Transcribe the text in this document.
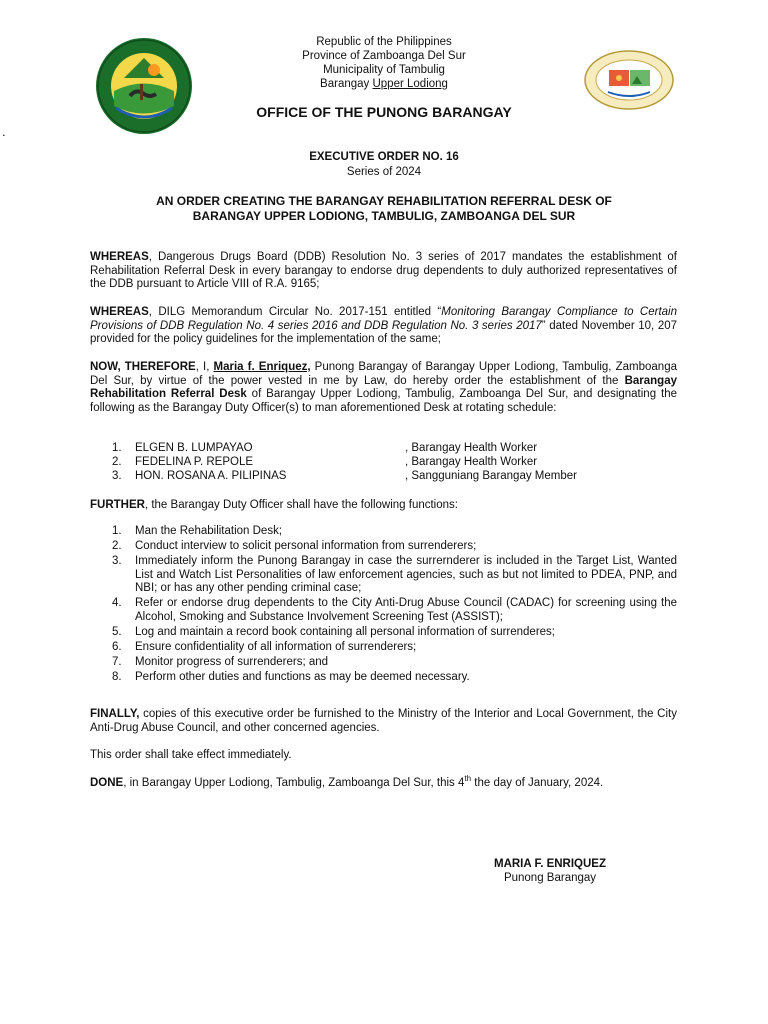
.
Republic of the Philippines
Province of Zamboanga Del Sur
Municipality of Tambulig
Barangay Upper Lodiong
OFFICE OF THE PUNONG BARANGAY
EXECUTIVE ORDER NO. 16
Series of 2024
AN ORDER CREATING THE BARANGAY REHABILITATION REFERRAL DESK OF
BARANGAY UPPER LODIONG, TAMBULIG, ZAMBOANGA DEL SUR

WHEREAS, Dangerous Drugs Board (DDB) Resolution No. 3 series of 2017 mandates the establishment of Rehabilitation Referral Desk in every barangay to endorse drug dependents to duly authorized representatives of the DDB pursuant to Article VIII of R.A. 9165;

WHEREAS, DILG Memorandum Circular No. 2017-151 entitled “Monitoring Barangay Compliance to Certain Provisions of DDB Regulation No. 4 series 2016 and DDB Regulation No. 3 series 2017” dated November 10, 207 provided for the policy guidelines for the implementation of the same;

NOW, THEREFORE, I, Maria f. Enriquez, Punong Barangay of Barangay Upper Lodiong, Tambulig, Zamboanga Del Sur, by virtue of the power vested in me by Law, do hereby order the establishment of the Barangay Rehabilitation Referral Desk of Barangay Upper Lodiong, Tambulig, Zamboanga Del Sur, and designating the following as the Barangay Duty Officer(s) to man aforementioned Desk at rotating schedule:

1. ELGEN B. LUMPAYAO	, Barangay Health Worker
2. FEDELINA P. REPOLE	, Barangay Health Worker
3. HON. ROSANA A. PILIPINAS	, Sangguniang Barangay Member

FURTHER, the Barangay Duty Officer shall have the following functions:

1. Man the Rehabilitation Desk;
2. Conduct interview to solicit personal information from surrenderers;
3. Immediately inform the Punong Barangay in case the surrernderer is included in the Target List, Wanted List and Watch List Personalities of law enforcement agencies, such as but not limited to PDEA, PNP, and NBI; or has any other pending criminal case;
4. Refer or endorse drug dependents to the City Anti-Drug Abuse Council (CADAC) for screening using the Alcohol, Smoking and Substance Involvement Screening Test (ASSIST);
5. Log and maintain a record book containing all personal information of surrenderes;
6. Ensure confidentiality of all information of surrenderers;
7. Monitor progress of surrenderers; and
8. Perform other duties and functions as may be deemed necessary.

FINALLY, copies of this executive order be furnished to the Ministry of the Interior and Local Government, the City Anti-Drug Abuse Council, and other concerned agencies.

This order shall take effect immediately.

DONE, in Barangay Upper Lodiong, Tambulig, Zamboanga Del Sur, this 4th the day of January, 2024.

MARIA F. ENRIQUEZ
Punong Barangay
